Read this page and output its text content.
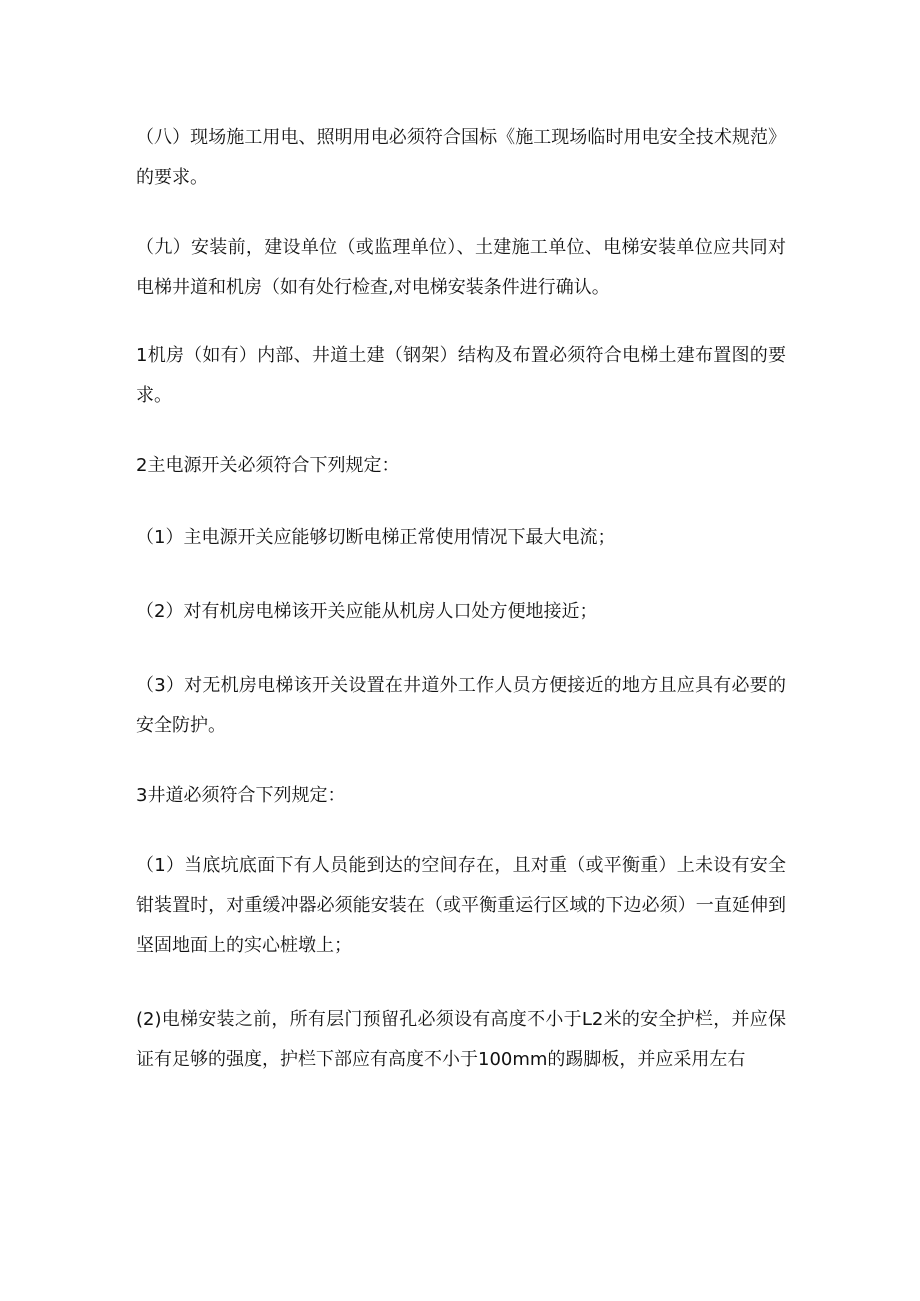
（八）现场施工用电、照明用电必须符合国标《施工现场临时用电安全技术规范》的要求。

（九）安装前，建设单位（或监理单位）、土建施工单位、电梯安装单位应共同对电梯井道和机房（如有处行检查,对电梯安装条件进行确认。

1机房（如有）内部、井道土建（钢架）结构及布置必须符合电梯土建布置图的要求。

2主电源开关必须符合下列规定：

（1）主电源开关应能够切断电梯正常使用情况下最大电流；

（2）对有机房电梯该开关应能从机房人口处方便地接近；

（3）对无机房电梯该开关设置在井道外工作人员方便接近的地方且应具有必要的安全防护。

3井道必须符合下列规定：

（1）当底坑底面下有人员能到达的空间存在，且对重（或平衡重）上未设有安全钳装置时，对重缓冲器必须能安装在（或平衡重运行区域的下边必须）一直延伸到坚固地面上的实心桩墩上；

(2)电梯安装之前，所有层门预留孔必须设有高度不小于L2米的安全护栏，并应保证有足够的强度，护栏下部应有高度不小于100mm的踢脚板，并应采用左右
